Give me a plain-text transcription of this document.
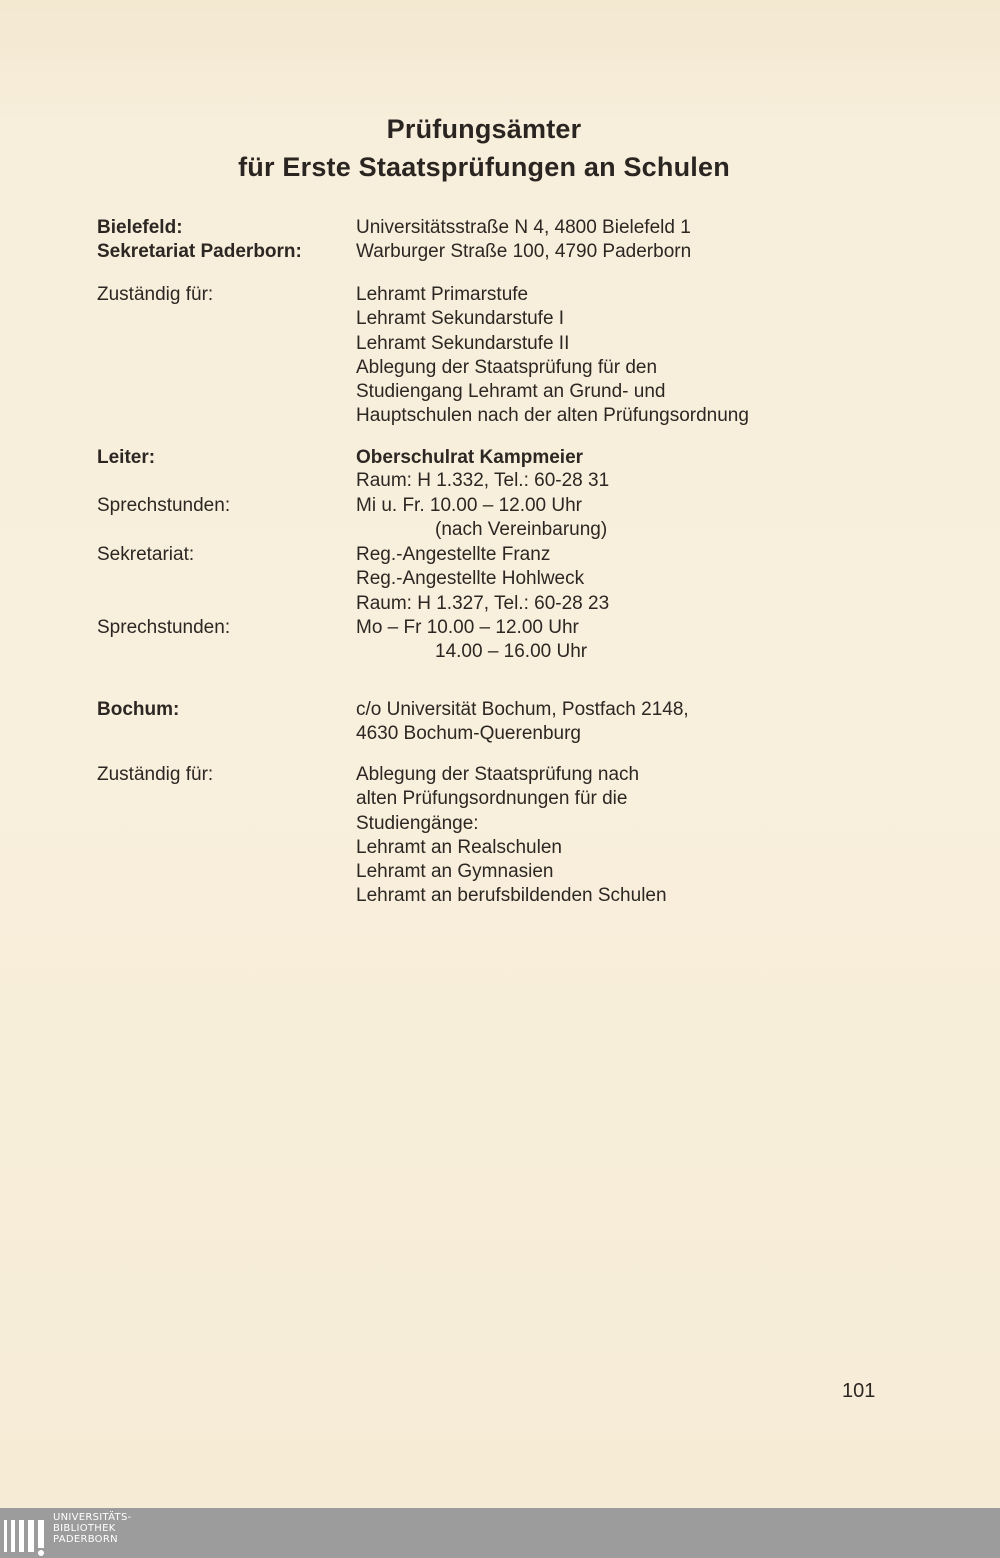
Prüfungsämter
für Erste Staatsprüfungen an Schulen
Bielefeld:	Universitätsstraße N 4, 4800 Bielefeld 1
Sekretariat Paderborn:	Warburger Straße 100, 4790 Paderborn
Zuständig für:	Lehramt Primarstufe
Lehramt Sekundarstufe I
Lehramt Sekundarstufe II
Ablegung der Staatsprüfung für den
Studiengang Lehramt an Grund- und
Hauptschulen nach der alten Prüfungsordnung
Leiter:	Oberschulrat Kampmeier
Raum: H 1.332, Tel.: 60-28 31
Sprechstunden:	Mi u. Fr. 10.00 – 12.00 Uhr
(nach Vereinbarung)
Sekretariat:	Reg.-Angestellte Franz
Reg.-Angestellte Hohlweck
Raum: H 1.327, Tel.: 60-28 23
Sprechstunden:	Mo – Fr 10.00 – 12.00 Uhr
14.00 – 16.00 Uhr
Bochum:	c/o Universität Bochum, Postfach 2148,
4630 Bochum-Querenburg
Zuständig für:	Ablegung der Staatsprüfung nach
alten Prüfungsordnungen für die
Studiengänge:
Lehramt an Realschulen
Lehramt an Gymnasien
Lehramt an berufsbildenden Schulen
101
UNIVERSITÄTS-
BIBLIOTHEK
PADERBORN
